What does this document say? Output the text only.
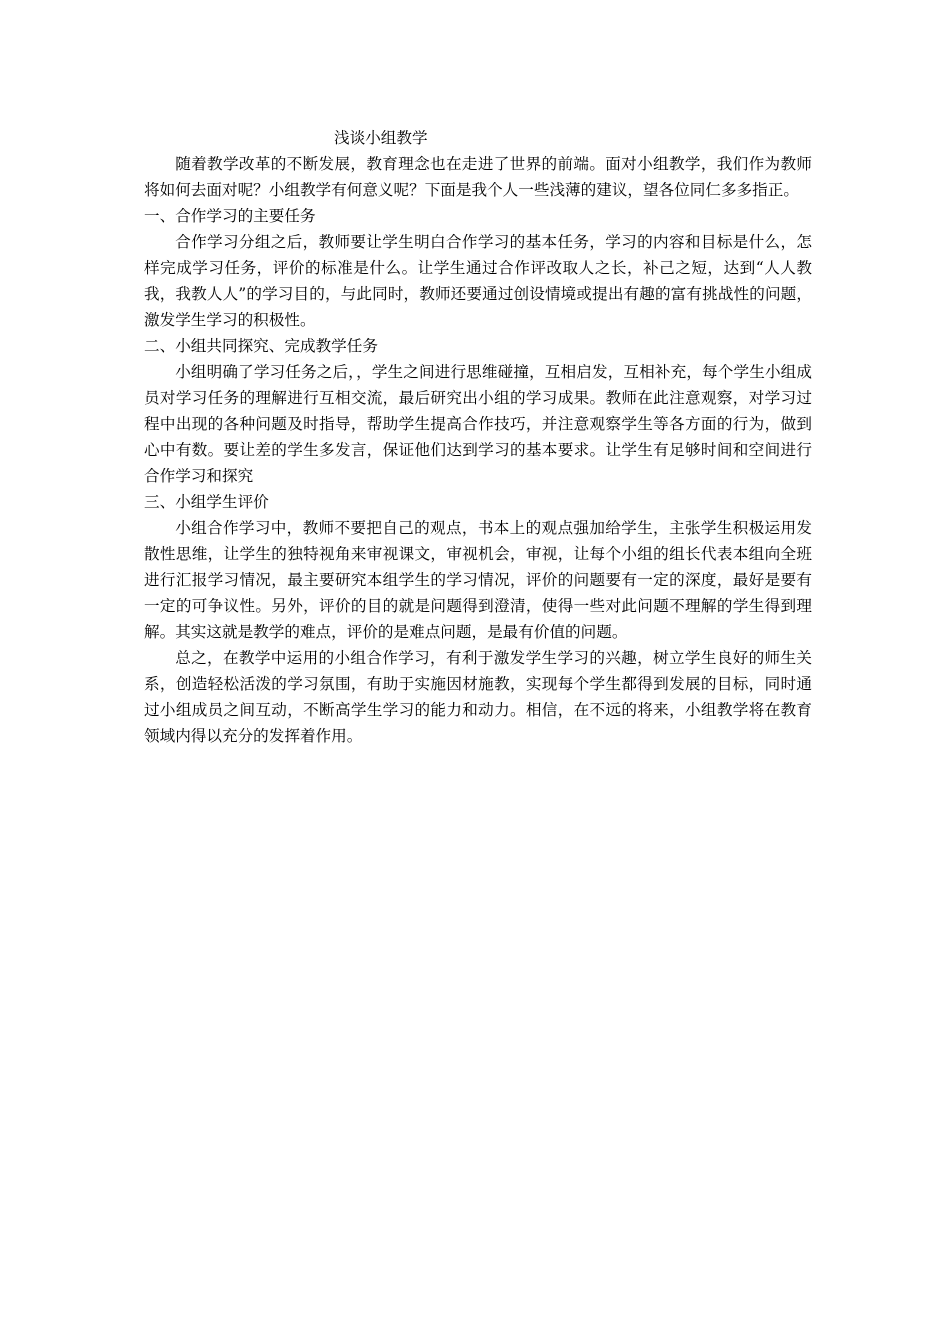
浅谈小组教学

随着教学改革的不断发展，教育理念也在走进了世界的前端。面对小组教学，我们作为教师将如何去面对呢？小组教学有何意义呢？下面是我个人一些浅薄的建议，望各位同仁多多指正。

一、合作学习的主要任务

合作学习分组之后，教师要让学生明白合作学习的基本任务，学习的内容和目标是什么，怎样完成学习任务，评价的标准是什么。让学生通过合作评改取人之长，补己之短，达到“人人教我，我教人人”的学习目的，与此同时，教师还要通过创设情境或提出有趣的富有挑战性的问题，激发学生学习的积极性。

二、小组共同探究、完成教学任务

小组明确了学习任务之后，，学生之间进行思维碰撞，互相启发，互相补充，每个学生小组成员对学习任务的理解进行互相交流，最后研究出小组的学习成果。教师在此注意观察，对学习过程中出现的各种问题及时指导，帮助学生提高合作技巧，并注意观察学生等各方面的行为，做到心中有数。要让差的学生多发言，保证他们达到学习的基本要求。让学生有足够时间和空间进行合作学习和探究

三、小组学生评价

小组合作学习中，教师不要把自己的观点，书本上的观点强加给学生，主张学生积极运用发散性思维，让学生的独特视角来审视课文，审视机会，审视，让每个小组的组长代表本组向全班进行汇报学习情况，最主要研究本组学生的学习情况，评价的问题要有一定的深度，最好是要有一定的可争议性。另外，评价的目的就是问题得到澄清，使得一些对此问题不理解的学生得到理解。其实这就是教学的难点，评价的是难点问题，是最有价值的问题。

总之，在教学中运用的小组合作学习，有利于激发学生学习的兴趣，树立学生良好的师生关系，创造轻松活泼的学习氛围，有助于实施因材施教，实现每个学生都得到发展的目标，同时通过小组成员之间互动，不断高学生学习的能力和动力。相信，在不远的将来，小组教学将在教育领域内得以充分的发挥着作用。
